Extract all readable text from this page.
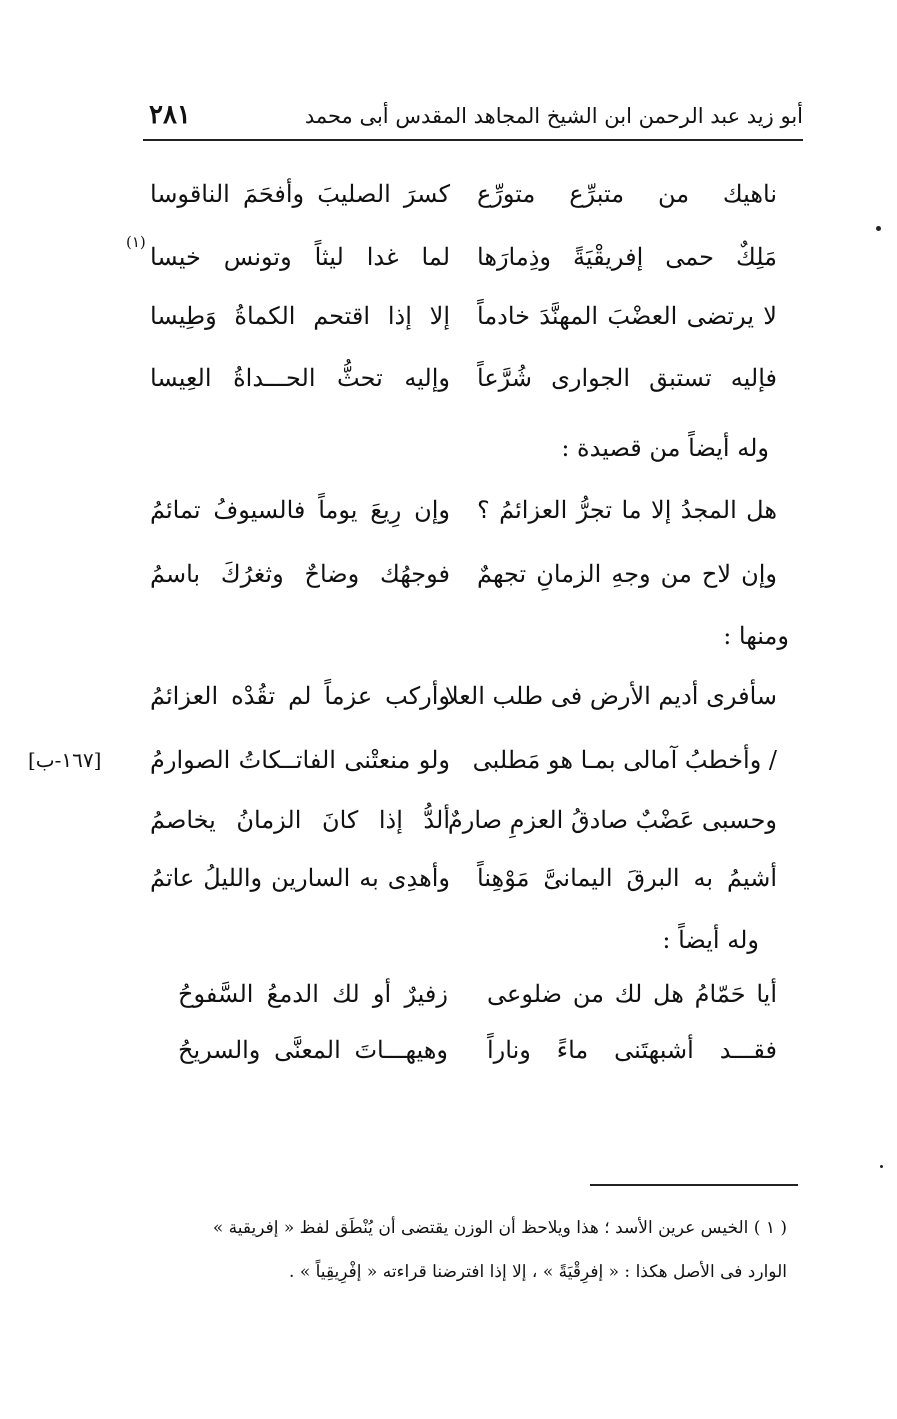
أبو زيد عبد الرحمن ابن الشيخ المجاهد المقدس أبى محمد
٢٨١
ناهيك من متبرِّع متورِّع
كسرَ الصليبَ وأفحَمَ الناقوسا
مَلِكٌ حمى إفريقْيَةً وذِمارَها
لما غدا ليثاً وتونس خيسا
(١)
لا يرتضى العضْبَ المهنَّدَ خادماً
إلا إذا اقتحم الكماةُ وَطِيسا
فإليه تستبق الجوارى شُرَّعاً
وإليه تحثُّ الحـــداةُ العِيسا
وله أيضاً من قصيدة :
هل المجدُ إلا ما تجرُّ العزائمُ ؟
وإن رِيعَ يوماً فالسيوفُ تمائمُ
وإن لاح من وجهِ الزمانِ تجهمٌ
فوجهُك وضاحٌ وثغرُكَ باسمُ
ومنها :
سأفرى أديم الأرض فى طلب العلا
وأركب عزماً لم تقُدْه العزائمُ
/ وأخطبُ آمالى بمـا هو مَطلبى
ولو منعتْنى الفاتــكاتُ الصوارمُ
[١٦٧-ب]
وحسبى عَضْبٌ صادقُ العزمِ صارمٌ
ألدُّ إذا كانَ الزمانُ يخاصمُ
أشيمُ به البرقَ اليمانىَّ مَوْهِناً
وأهدِى به السارين والليلُ عاتمُ
وله أيضاً :
أيا حَمّامُ هل لك من ضلوعى
زفيرٌ أو لك الدمعُ السَّفوحُ
فقـــد أشبهتَنى ماءً وناراً
وهيهـــاتَ المعنَّى والسريحُ
( ١ ) الخيس عرين الأسد ؛ هذا ويلاحظ أن الوزن يقتضى أن يُنْطَق لفظ « إفريقية »
الوارد فى الأصل هكذا : « إفرِقْيَةً » ، إلا إذا افترضنا قراءته « إفْرِيقِياً » .
